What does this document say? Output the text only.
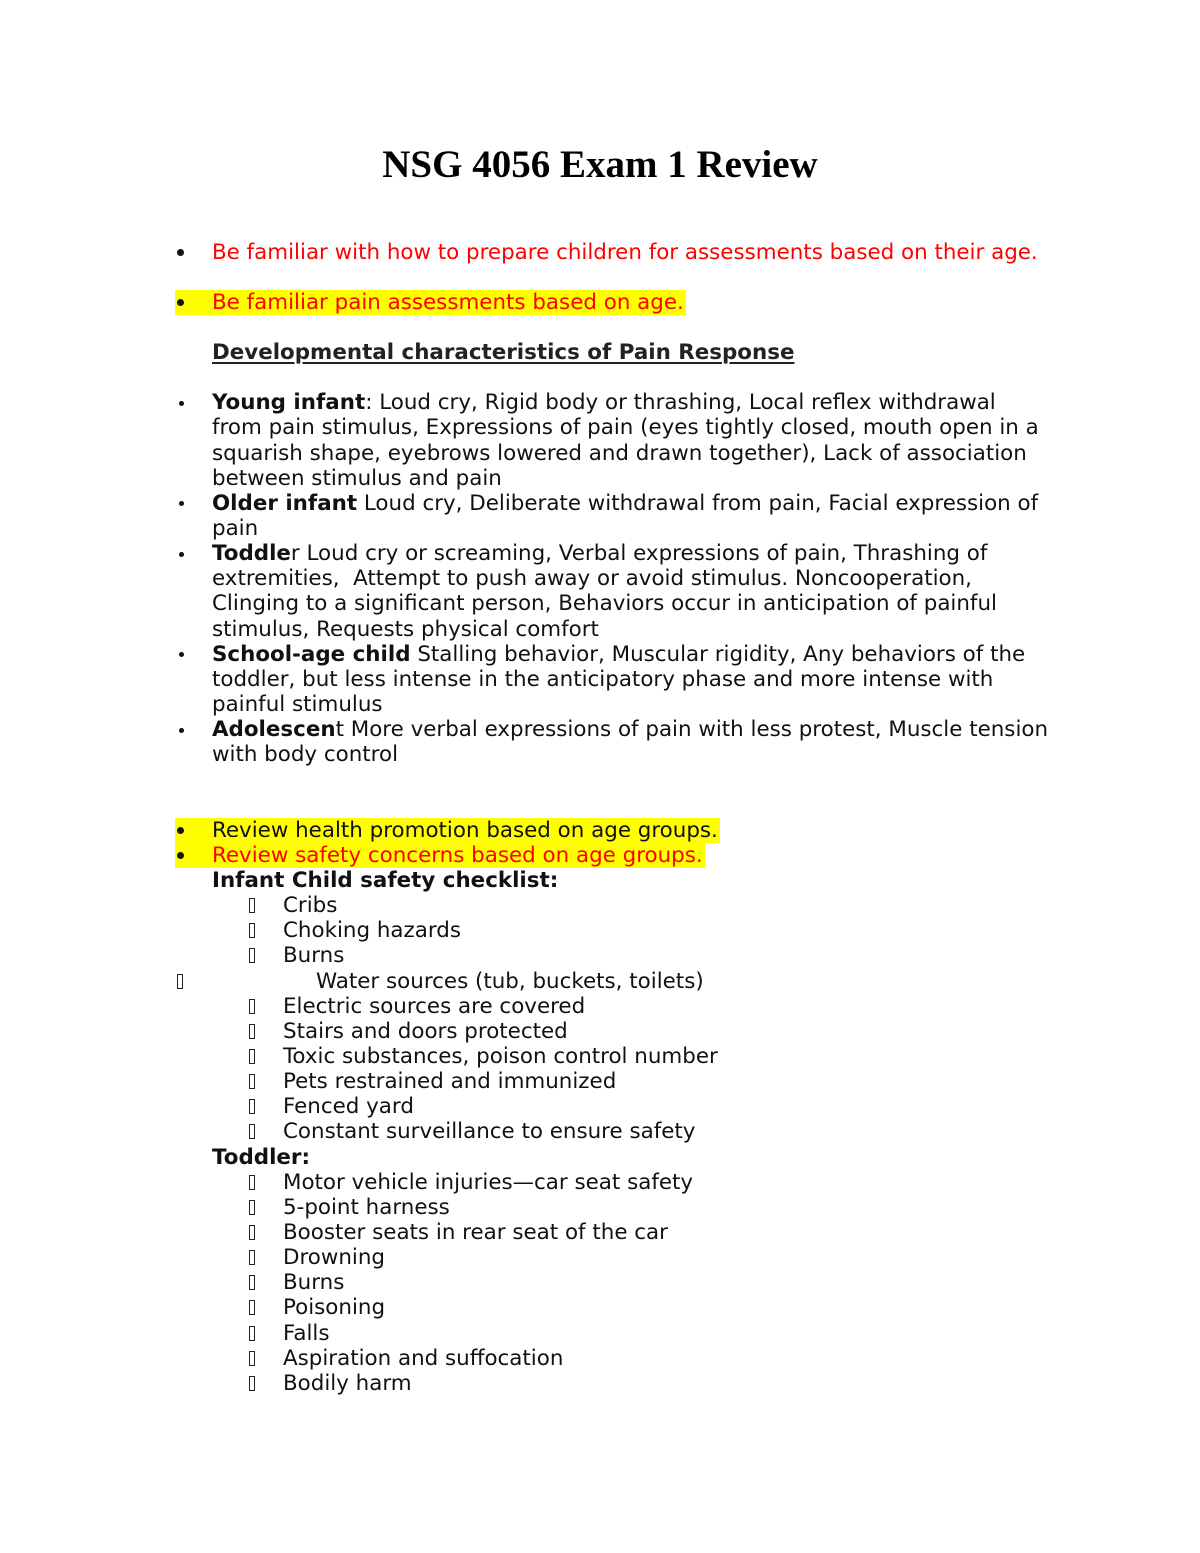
NSG 4056 Exam 1 Review
Be familiar with how to prepare children for assessments based on their age.
Be familiar pain assessments based on age.
Developmental characteristics of Pain Response
Young infant: Loud cry, Rigid body or thrashing, Local reflex withdrawal
from pain stimulus, Expressions of pain (eyes tightly closed, mouth open in a
squarish shape, eyebrows lowered and drawn together), Lack of association
between stimulus and pain
Older infant Loud cry, Deliberate withdrawal from pain, Facial expression of
pain
Toddler Loud cry or screaming, Verbal expressions of pain, Thrashing of
extremities,  Attempt to push away or avoid stimulus. Noncooperation,
Clinging to a significant person, Behaviors occur in anticipation of painful
stimulus, Requests physical comfort
School-age child Stalling behavior, Muscular rigidity, Any behaviors of the
toddler, but less intense in the anticipatory phase and more intense with
painful stimulus
Adolescent More verbal expressions of pain with less protest, Muscle tension
with body control
Review health promotion based on age groups.
Review safety concerns based on age groups.
Infant Child safety checklist:
Cribs
Choking hazards
Burns
Water sources (tub, buckets, toilets)
Electric sources are covered
Stairs and doors protected
Toxic substances, poison control number
Pets restrained and immunized
Fenced yard
Constant surveillance to ensure safety
Toddler:
Motor vehicle injuries—car seat safety
5-point harness
Booster seats in rear seat of the car
Drowning
Burns
Poisoning
Falls
Aspiration and suffocation
Bodily harm
